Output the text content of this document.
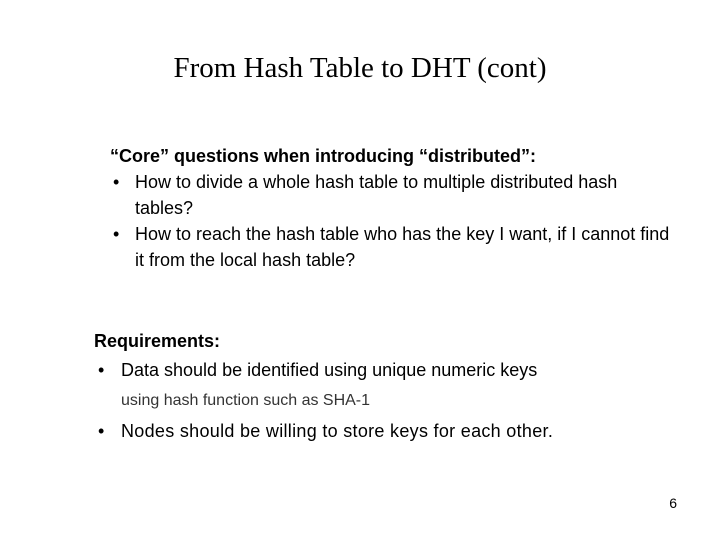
From Hash Table to DHT (cont)
“Core” questions when introducing “distributed”:
• How to divide a whole hash table to multiple distributed hash tables?
• How to reach the hash table who has the key I want, if I cannot find it from the local hash table?
Requirements:
• Data should be identified using unique numeric keys
using hash function such as SHA-1
• Nodes should be willing to store keys for each other.
6
